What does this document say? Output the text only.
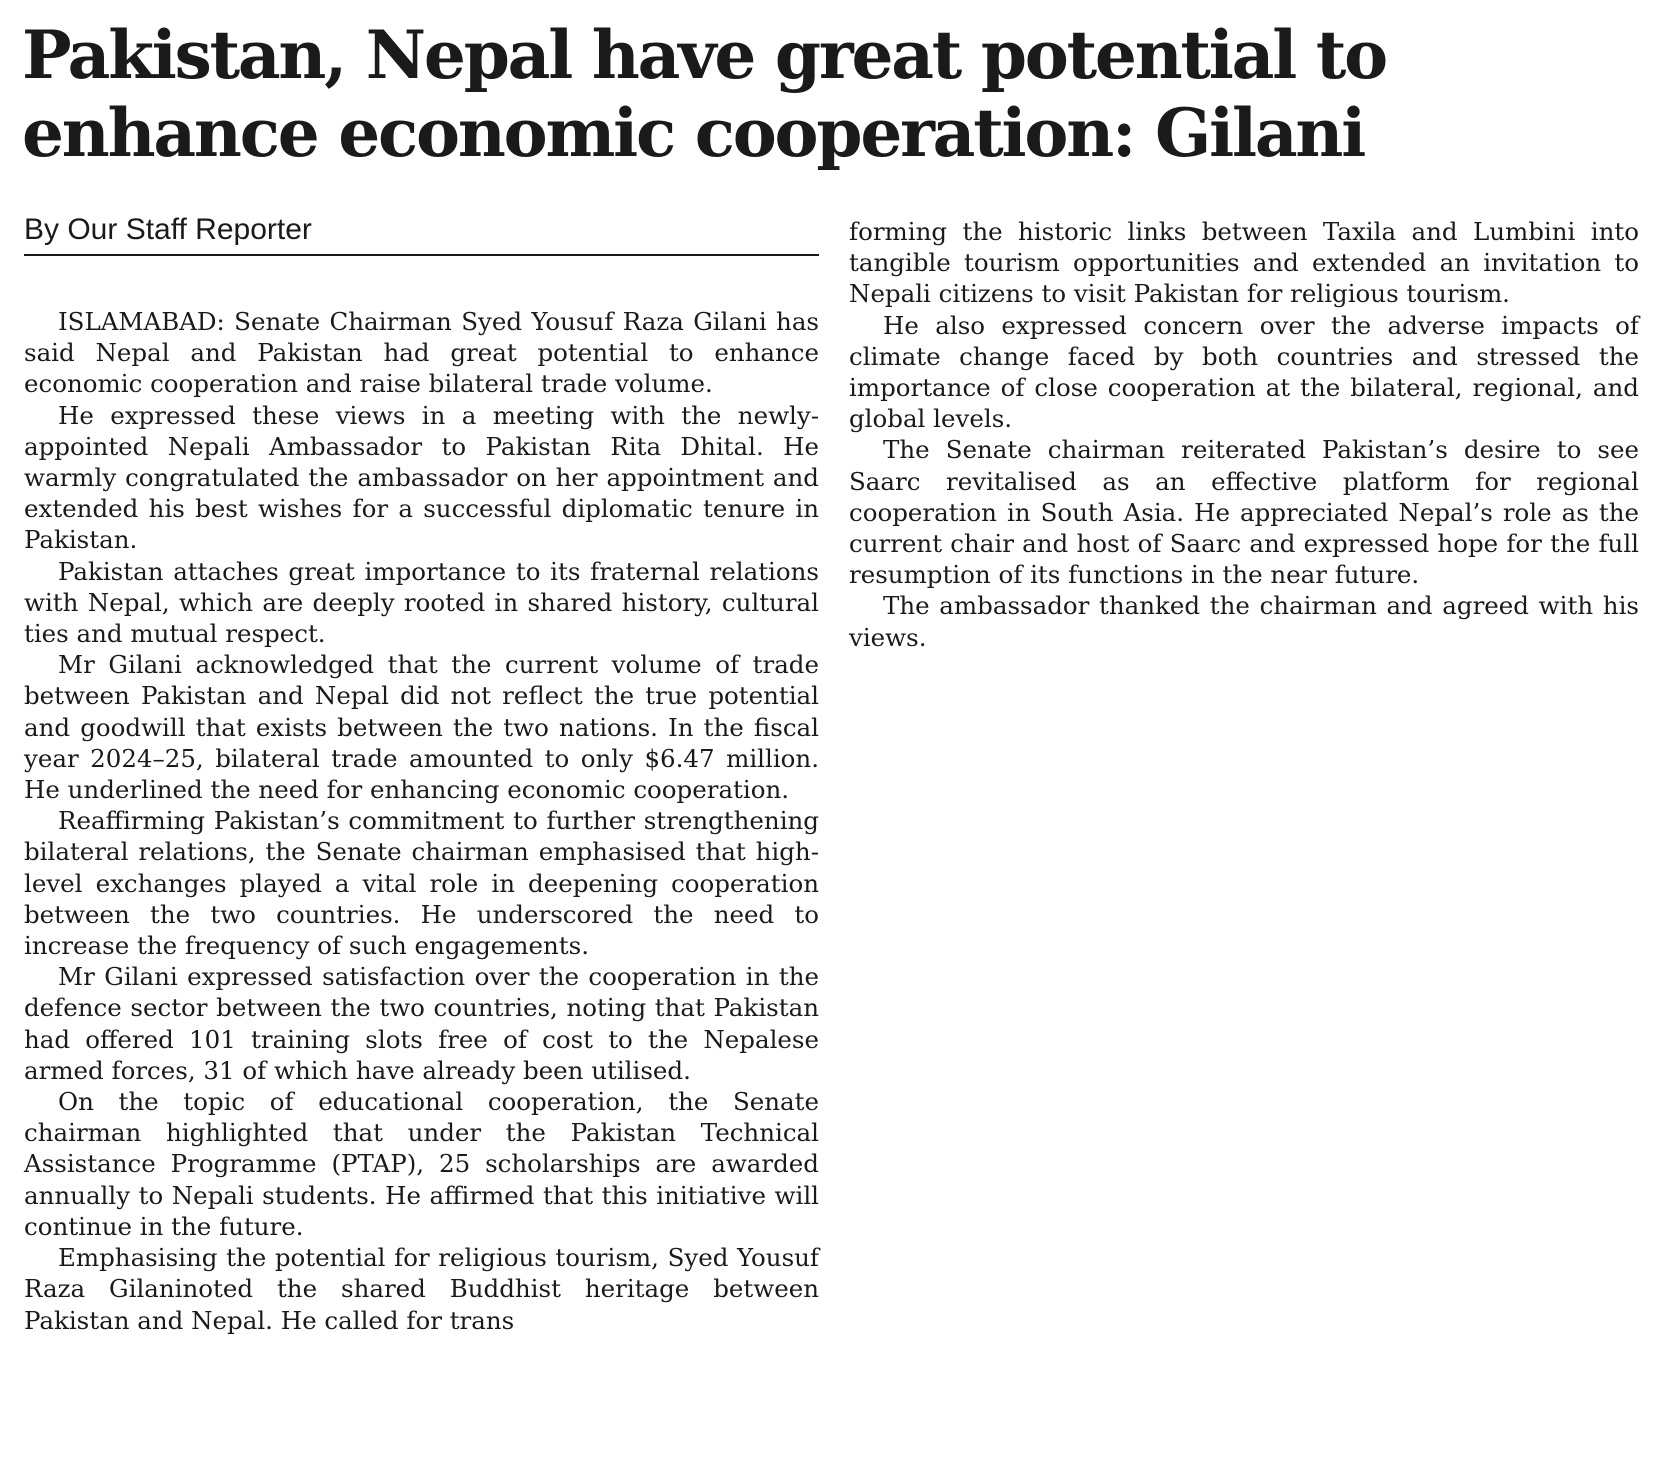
Pakistan, Nepal have great potential to enhance economic cooperation: Gilani
By Our Staff Reporter

ISLAMABAD: Senate Chairman Syed Yousuf Raza Gilani has said Nepal and Pakistan had great potential to enhance economic cooperation and raise bilateral trade volume.

He expressed these views in a meeting with the newly-appointed Nepali Ambassador to Pakistan Rita Dhital. He warmly congratulated the ambassador on her appointment and extended his best wishes for a successful diplomatic tenure in Pakistan.

Pakistan attaches great importance to its fraternal relations with Nepal, which are deeply rooted in shared history, cultural ties and mutual respect.

Mr Gilani acknowledged that the current volume of trade between Pakistan and Nepal did not reflect the true potential and goodwill that exists between the two nations. In the fiscal year 2024–25, bilateral trade amounted to only $6.47 million. He underlined the need for enhancing economic cooperation.

Reaffirming Pakistan’s commitment to further strengthening bilateral relations, the Senate chairman emphasised that high-level exchanges played a vital role in deepening cooperation between the two countries. He underscored the need to increase the frequency of such engagements.

Mr Gilani expressed satisfaction over the cooperation in the defence sector between the two countries, noting that Pakistan had offered 101 training slots free of cost to the Nepalese armed forces, 31 of which have already been utilised.

On the topic of educational cooperation, the Senate chairman highlighted that under the Pakistan Technical Assistance Programme (PTAP), 25 scholarships are awarded annually to Nepali students. He affirmed that this initiative will continue in the future.

Emphasising the potential for religious tourism, Syed Yousuf Raza Gilaninoted the shared Buddhist heritage between Pakistan and Nepal. He called for trans

forming the historic links between Taxila and Lumbini into tangible tourism opportunities and extended an invitation to Nepali citizens to visit Pakistan for religious tourism.

He also expressed concern over the adverse impacts of climate change faced by both countries and stressed the importance of close cooperation at the bilateral, regional, and global levels.

The Senate chairman reiterated Pakistan’s desire to see Saarc revitalised as an effective platform for regional cooperation in South Asia. He appreciated Nepal’s role as the current chair and host of Saarc and expressed hope for the full resumption of its functions in the near future.

The ambassador thanked the chairman and agreed with his views.
